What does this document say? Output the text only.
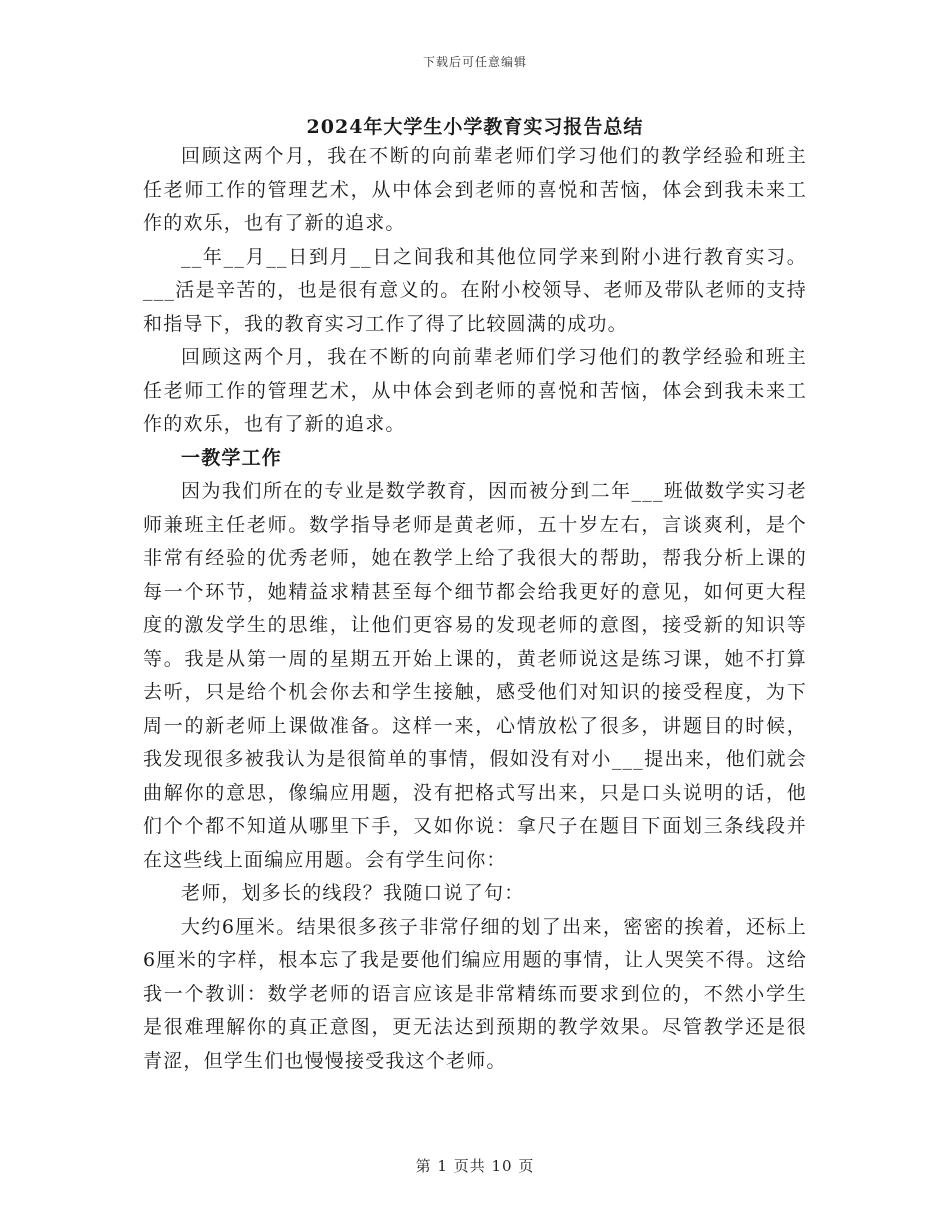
下载后可任意编辑
2024年大学生小学教育实习报告总结

回顾这两个月，我在不断的向前辈老师们学习他们的教学经验和班主任老师工作的管理艺术，从中体会到老师的喜悦和苦恼，体会到我未来工作的欢乐，也有了新的追求。

__年__月__日到月__日之间我和其他位同学来到附小进行教育实习。___活是辛苦的，也是很有意义的。在附小校领导、老师及带队老师的支持和指导下，我的教育实习工作了得了比较圆满的成功。

回顾这两个月，我在不断的向前辈老师们学习他们的教学经验和班主任老师工作的管理艺术，从中体会到老师的喜悦和苦恼，体会到我未来工作的欢乐，也有了新的追求。

一教学工作

因为我们所在的专业是数学教育，因而被分到二年___班做数学实习老师兼班主任老师。数学指导老师是黄老师，五十岁左右，言谈爽利，是个非常有经验的优秀老师，她在教学上给了我很大的帮助，帮我分析上课的每一个环节，她精益求精甚至每个细节都会给我更好的意见，如何更大程度的激发学生的思维，让他们更容易的发现老师的意图，接受新的知识等等。我是从第一周的星期五开始上课的，黄老师说这是练习课，她不打算去听，只是给个机会你去和学生接触，感受他们对知识的接受程度，为下周一的新老师上课做准备。这样一来，心情放松了很多，讲题目的时候，我发现很多被我认为是很简单的事情，假如没有对小___提出来，他们就会曲解你的意思，像编应用题，没有把格式写出来，只是口头说明的话，他们个个都不知道从哪里下手，又如你说：拿尺子在题目下面划三条线段并在这些线上面编应用题。会有学生问你：

老师，划多长的线段？我随口说了句：

大约6厘米。结果很多孩子非常仔细的划了出来，密密的挨着，还标上6厘米的字样，根本忘了我是要他们编应用题的事情，让人哭笑不得。这给我一个教训：数学老师的语言应该是非常精练而要求到位的，不然小学生是很难理解你的真正意图，更无法达到预期的教学效果。尽管教学还是很青涩，但学生们也慢慢接受我这个老师。

第 1 页共 10 页
